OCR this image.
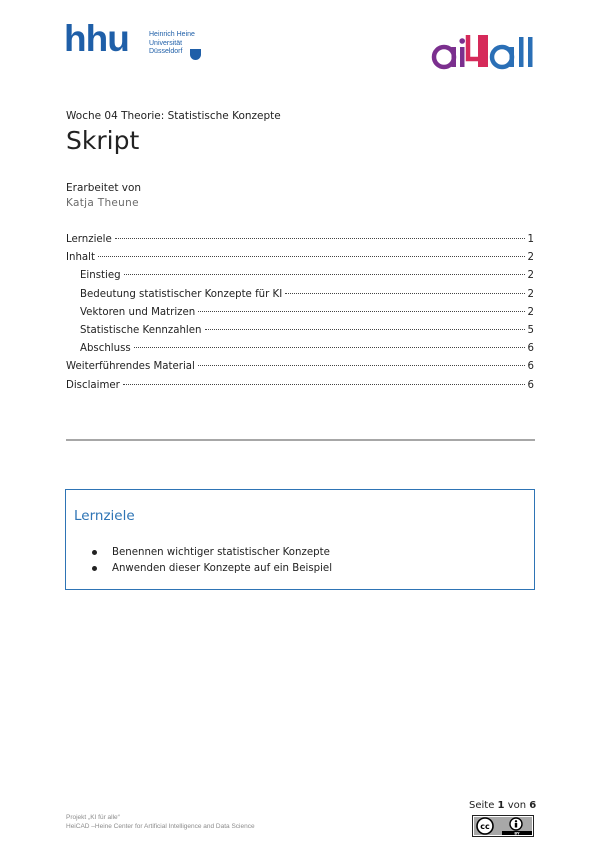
hhu	Heinrich Heine
Universität
Düsseldorf
Woche 04 Theorie: Statistische Konzepte
Skript
Erarbeitet von
Katja Theune
Lernziele	1
Inhalt	2
Einstieg	2
Bedeutung statistischer Konzepte für KI	2
Vektoren und Matrizen	2
Statistische Kennzahlen	5
Abschluss	6
Weiterführendes Material	6
Disclaimer	6
Lernziele
Benennen wichtiger statistischer Konzepte
Anwenden dieser Konzepte auf ein Beispiel
Seite 1 von 6
Projekt „KI für alle“
HeiCAD –Heine Center for Artificial Intelligence and Data Science	cc
BY
